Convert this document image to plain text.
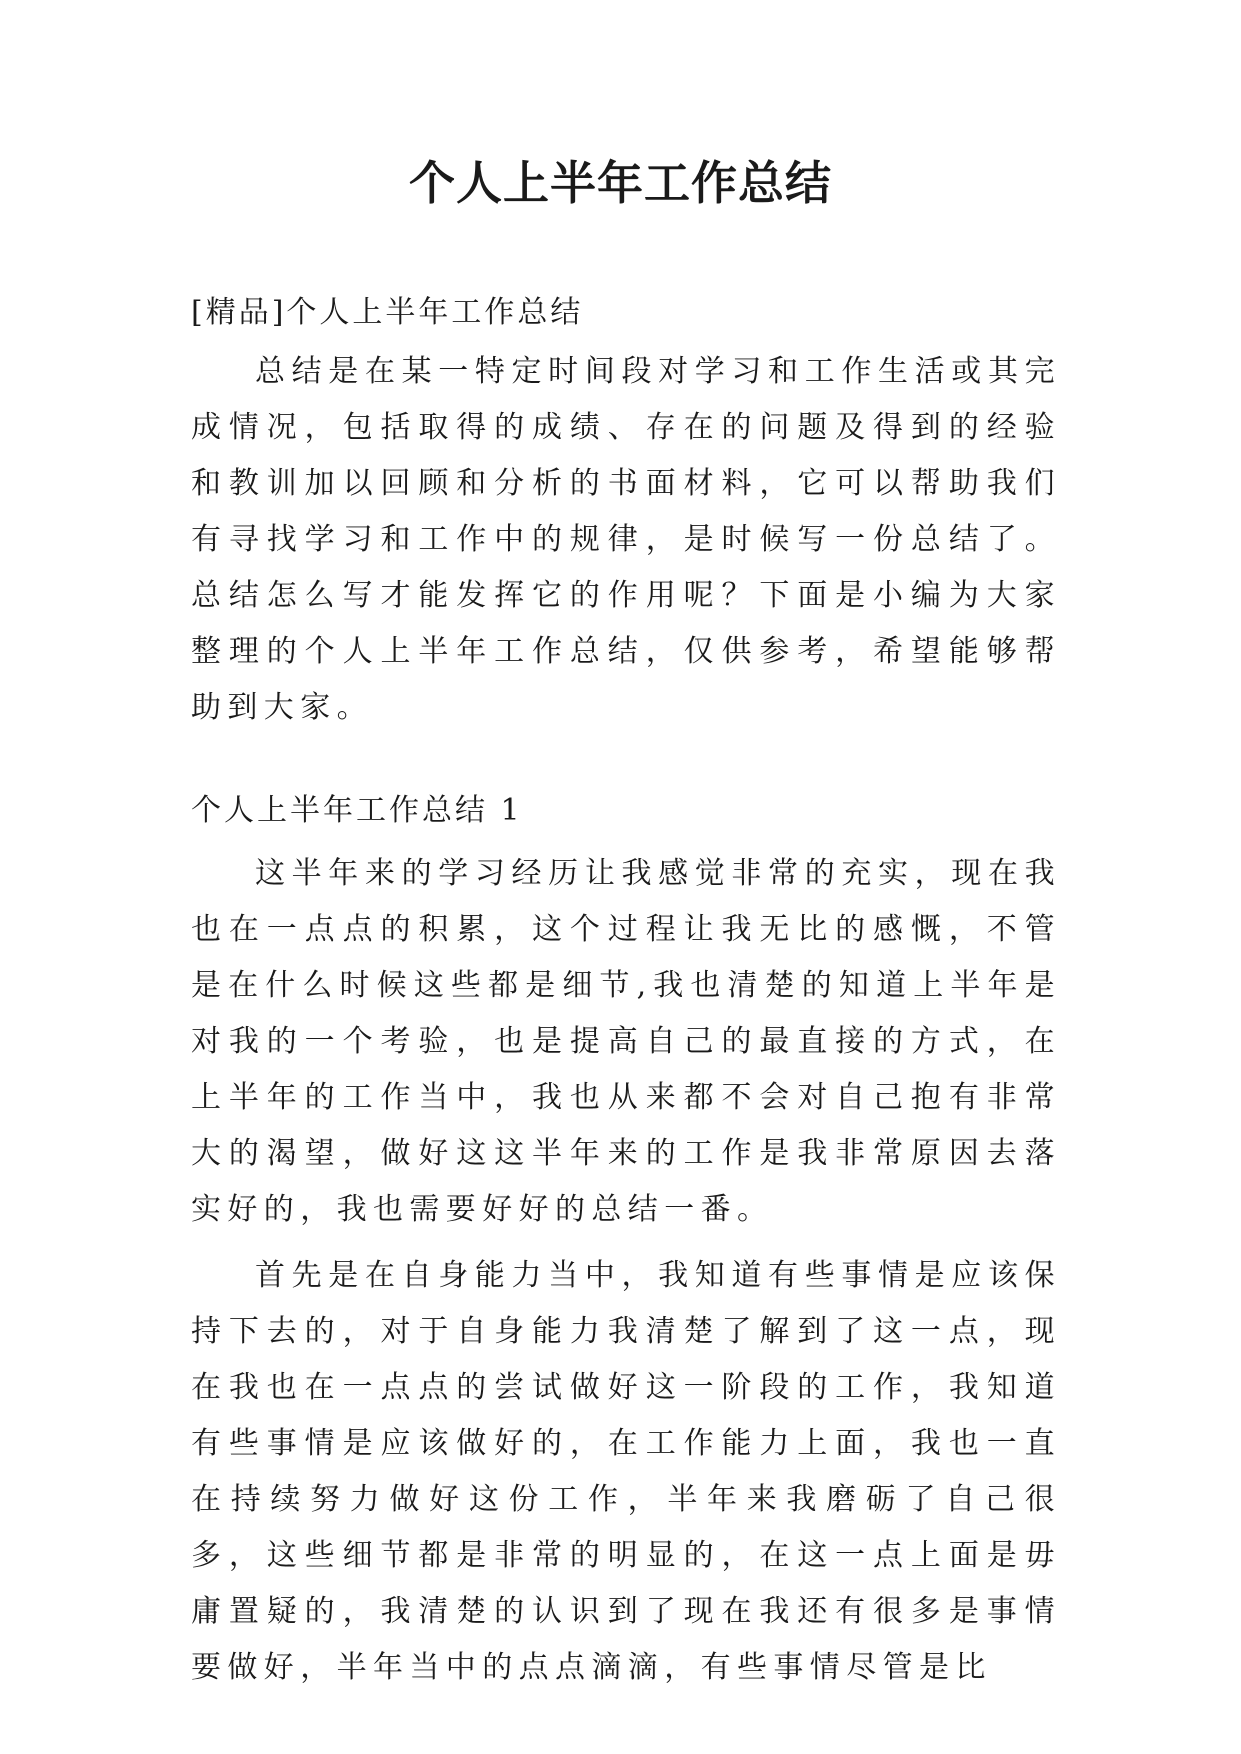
个人上半年工作总结

[精品]个人上半年工作总结

总结是在某一特定时间段对学习和工作生活或其完成情况，包括取得的成绩、存在的问题及得到的经验和教训加以回顾和分析的书面材料，它可以帮助我们有寻找学习和工作中的规律，是时候写一份总结了。总结怎么写才能发挥它的作用呢？下面是小编为大家整理的个人上半年工作总结，仅供参考，希望能够帮助到大家。

个人上半年工作总结 1

这半年来的学习经历让我感觉非常的充实，现在我也在一点点的积累，这个过程让我无比的感慨，不管是在什么时候这些都是细节,我也清楚的知道上半年是对我的一个考验，也是提高自己的最直接的方式，在上半年的工作当中，我也从来都不会对自己抱有非常大的渴望，做好这这半年来的工作是我非常原因去落实好的，我也需要好好的总结一番。

首先是在自身能力当中，我知道有些事情是应该保持下去的，对于自身能力我清楚了解到了这一点，现在我也在一点点的尝试做好这一阶段的工作，我知道有些事情是应该做好的，在工作能力上面，我也一直在持续努力做好这份工作，半年来我磨砺了自己很多，这些细节都是非常的明显的，在这一点上面是毋庸置疑的，我清楚的认识到了现在我还有很多是事情要做好，半年当中的点点滴滴，有些事情尽管是比
